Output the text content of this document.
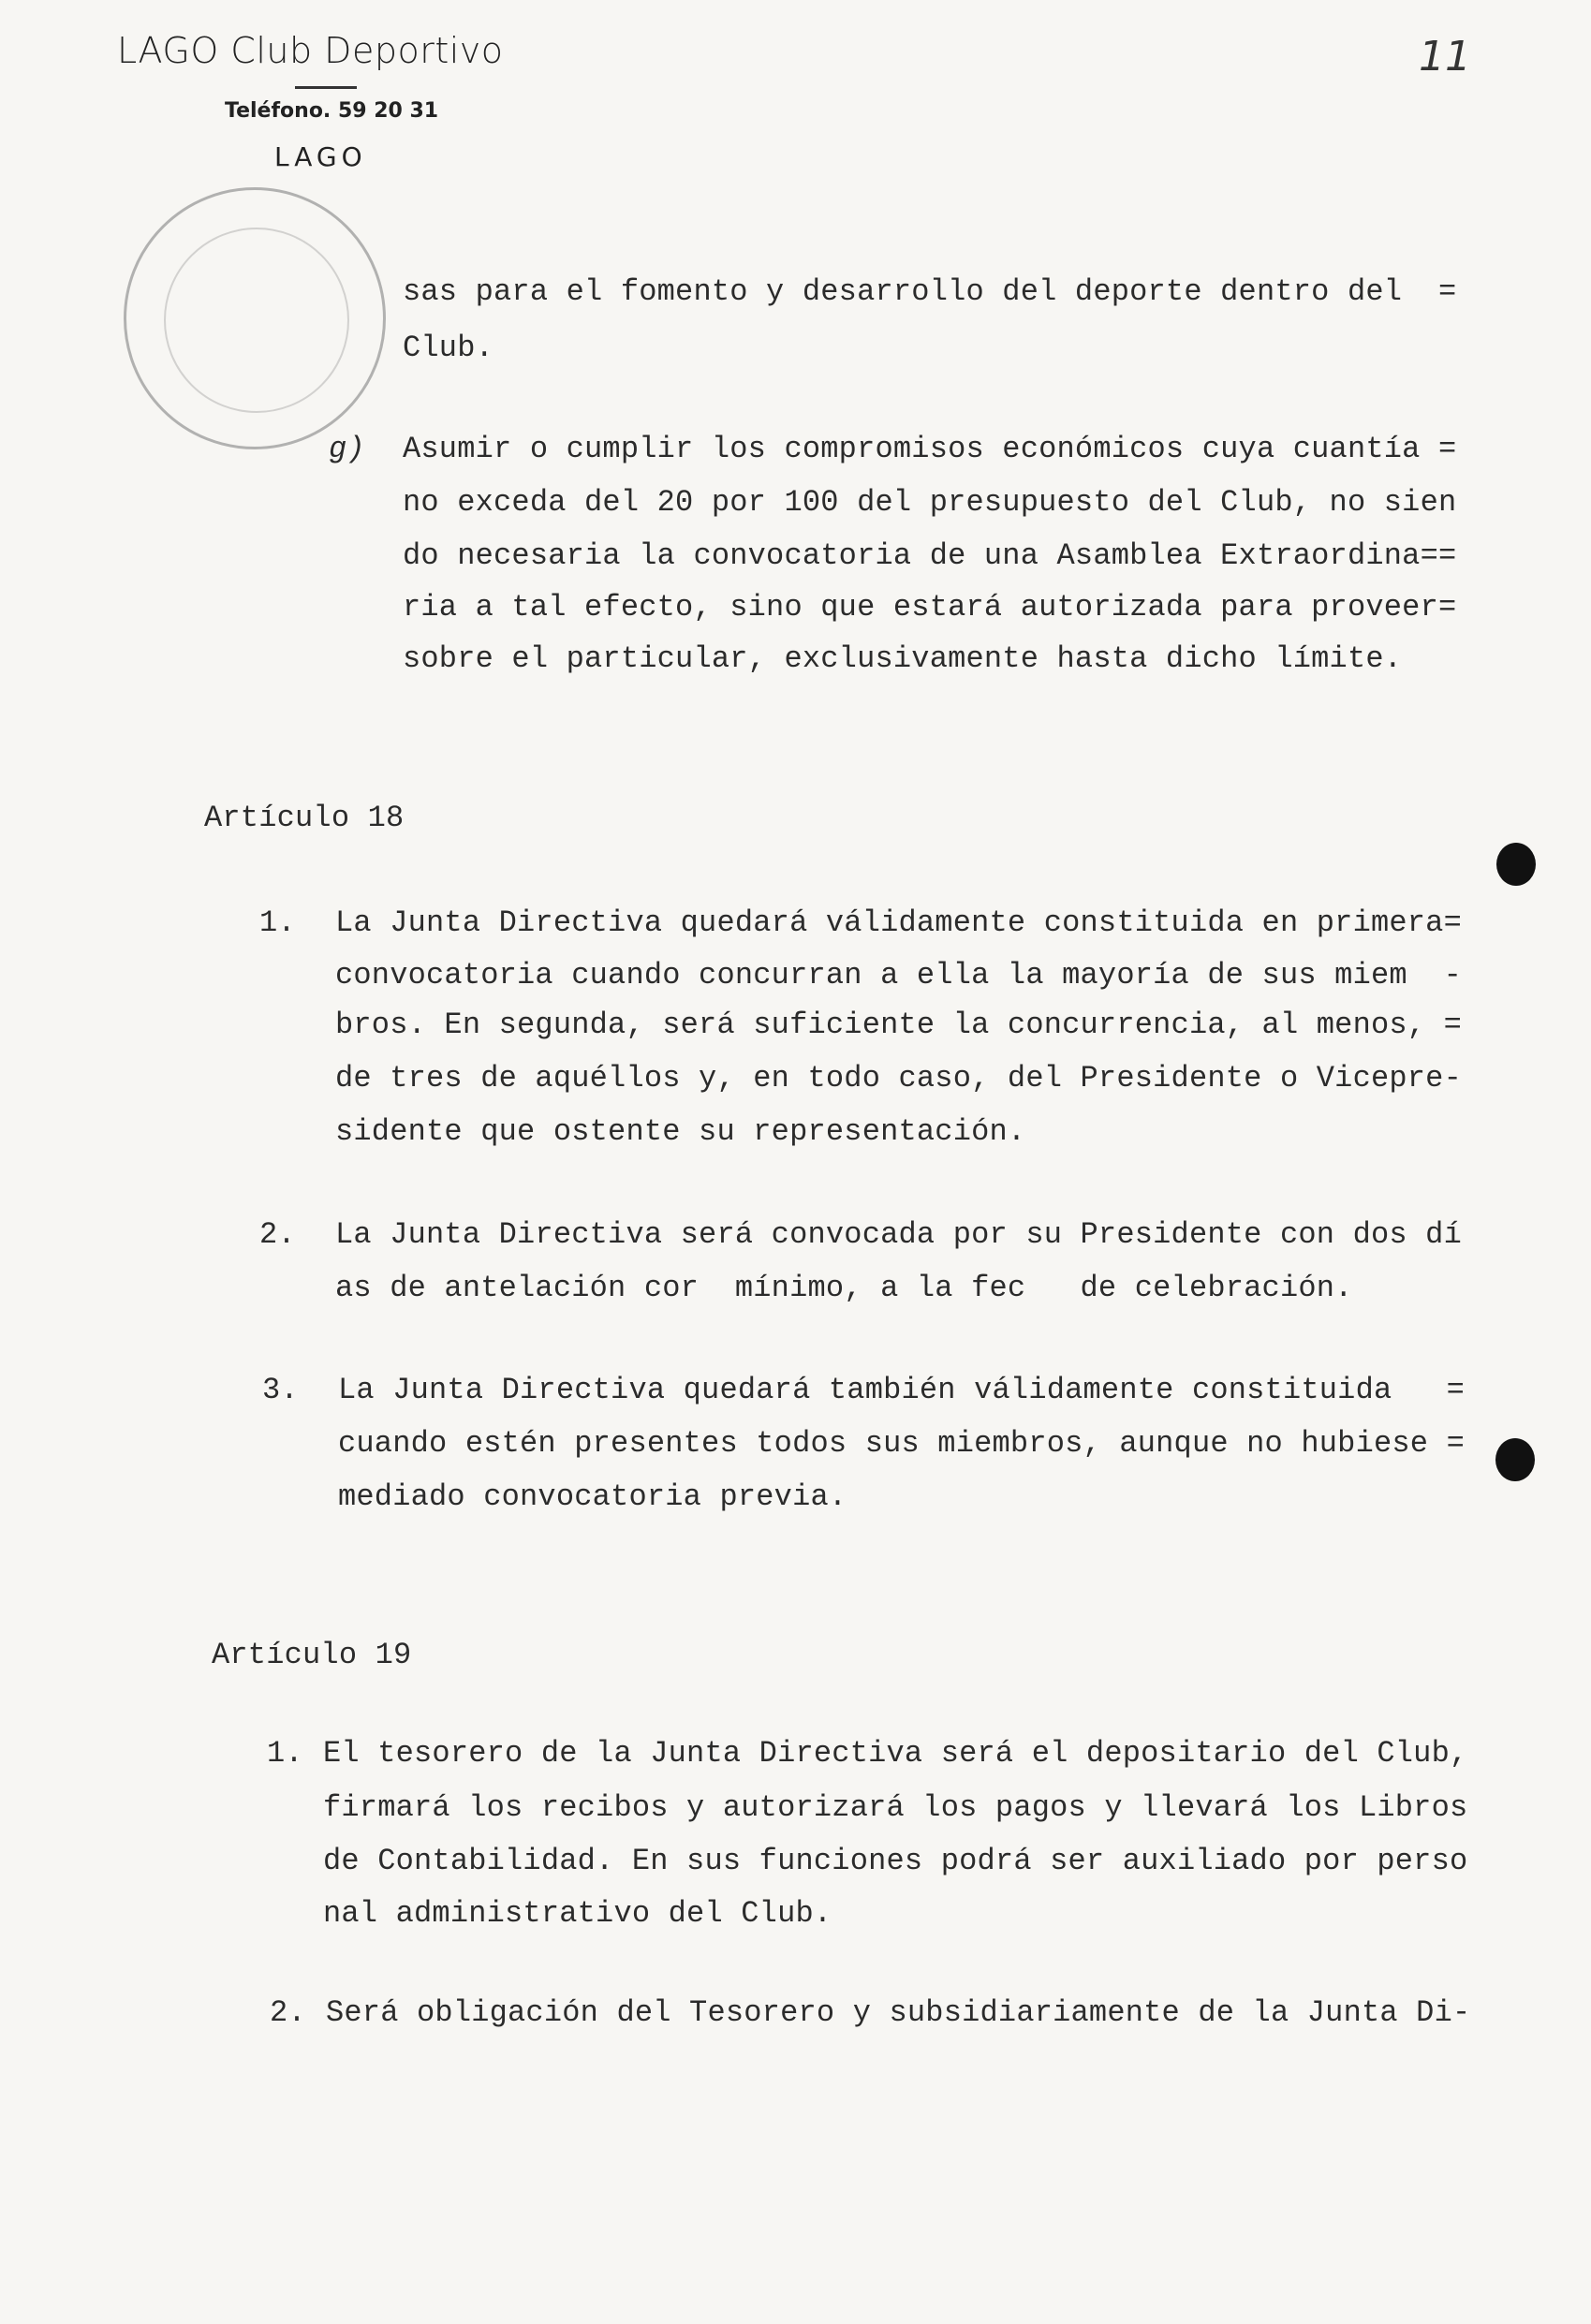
LAGO Club Deportivo
Teléfono. 59 20 31
LAGO
11
sas para el fomento y desarrollo del deporte dentro del  =
Club.
g) Asumir o cumplir los compromisos económicos cuya cuantía =
no exceda del 20 por 100 del presupuesto del Club, no sien
do necesaria la convocatoria de una Asamblea Extraordina==
ria a tal efecto, sino que estará autorizada para proveer=
sobre el particular, exclusivamente hasta dicho límite.
Artículo 18
1. La Junta Directiva quedará válidamente constituida en primera=
convocatoria cuando concurran a ella la mayoría de sus miem  -
bros. En segunda, será suficiente la concurrencia, al menos, =
de tres de aquéllos y, en todo caso, del Presidente o Vicepre-
sidente que ostente su representación.
2. La Junta Directiva será convocada por su Presidente con dos dí
as de antelación cor  mínimo, a la fec   de celebración.
3. La Junta Directiva quedará también válidamente constituida   =
cuando estén presentes todos sus miembros, aunque no hubiese =
mediado convocatoria previa.
Artículo 19
1. El tesorero de la Junta Directiva será el depositario del Club,
firmará los recibos y autorizará los pagos y llevará los Libros
de Contabilidad. En sus funciones podrá ser auxiliado por perso
nal administrativo del Club.
2. Será obligación del Tesorero y subsidiariamente de la Junta Di-
